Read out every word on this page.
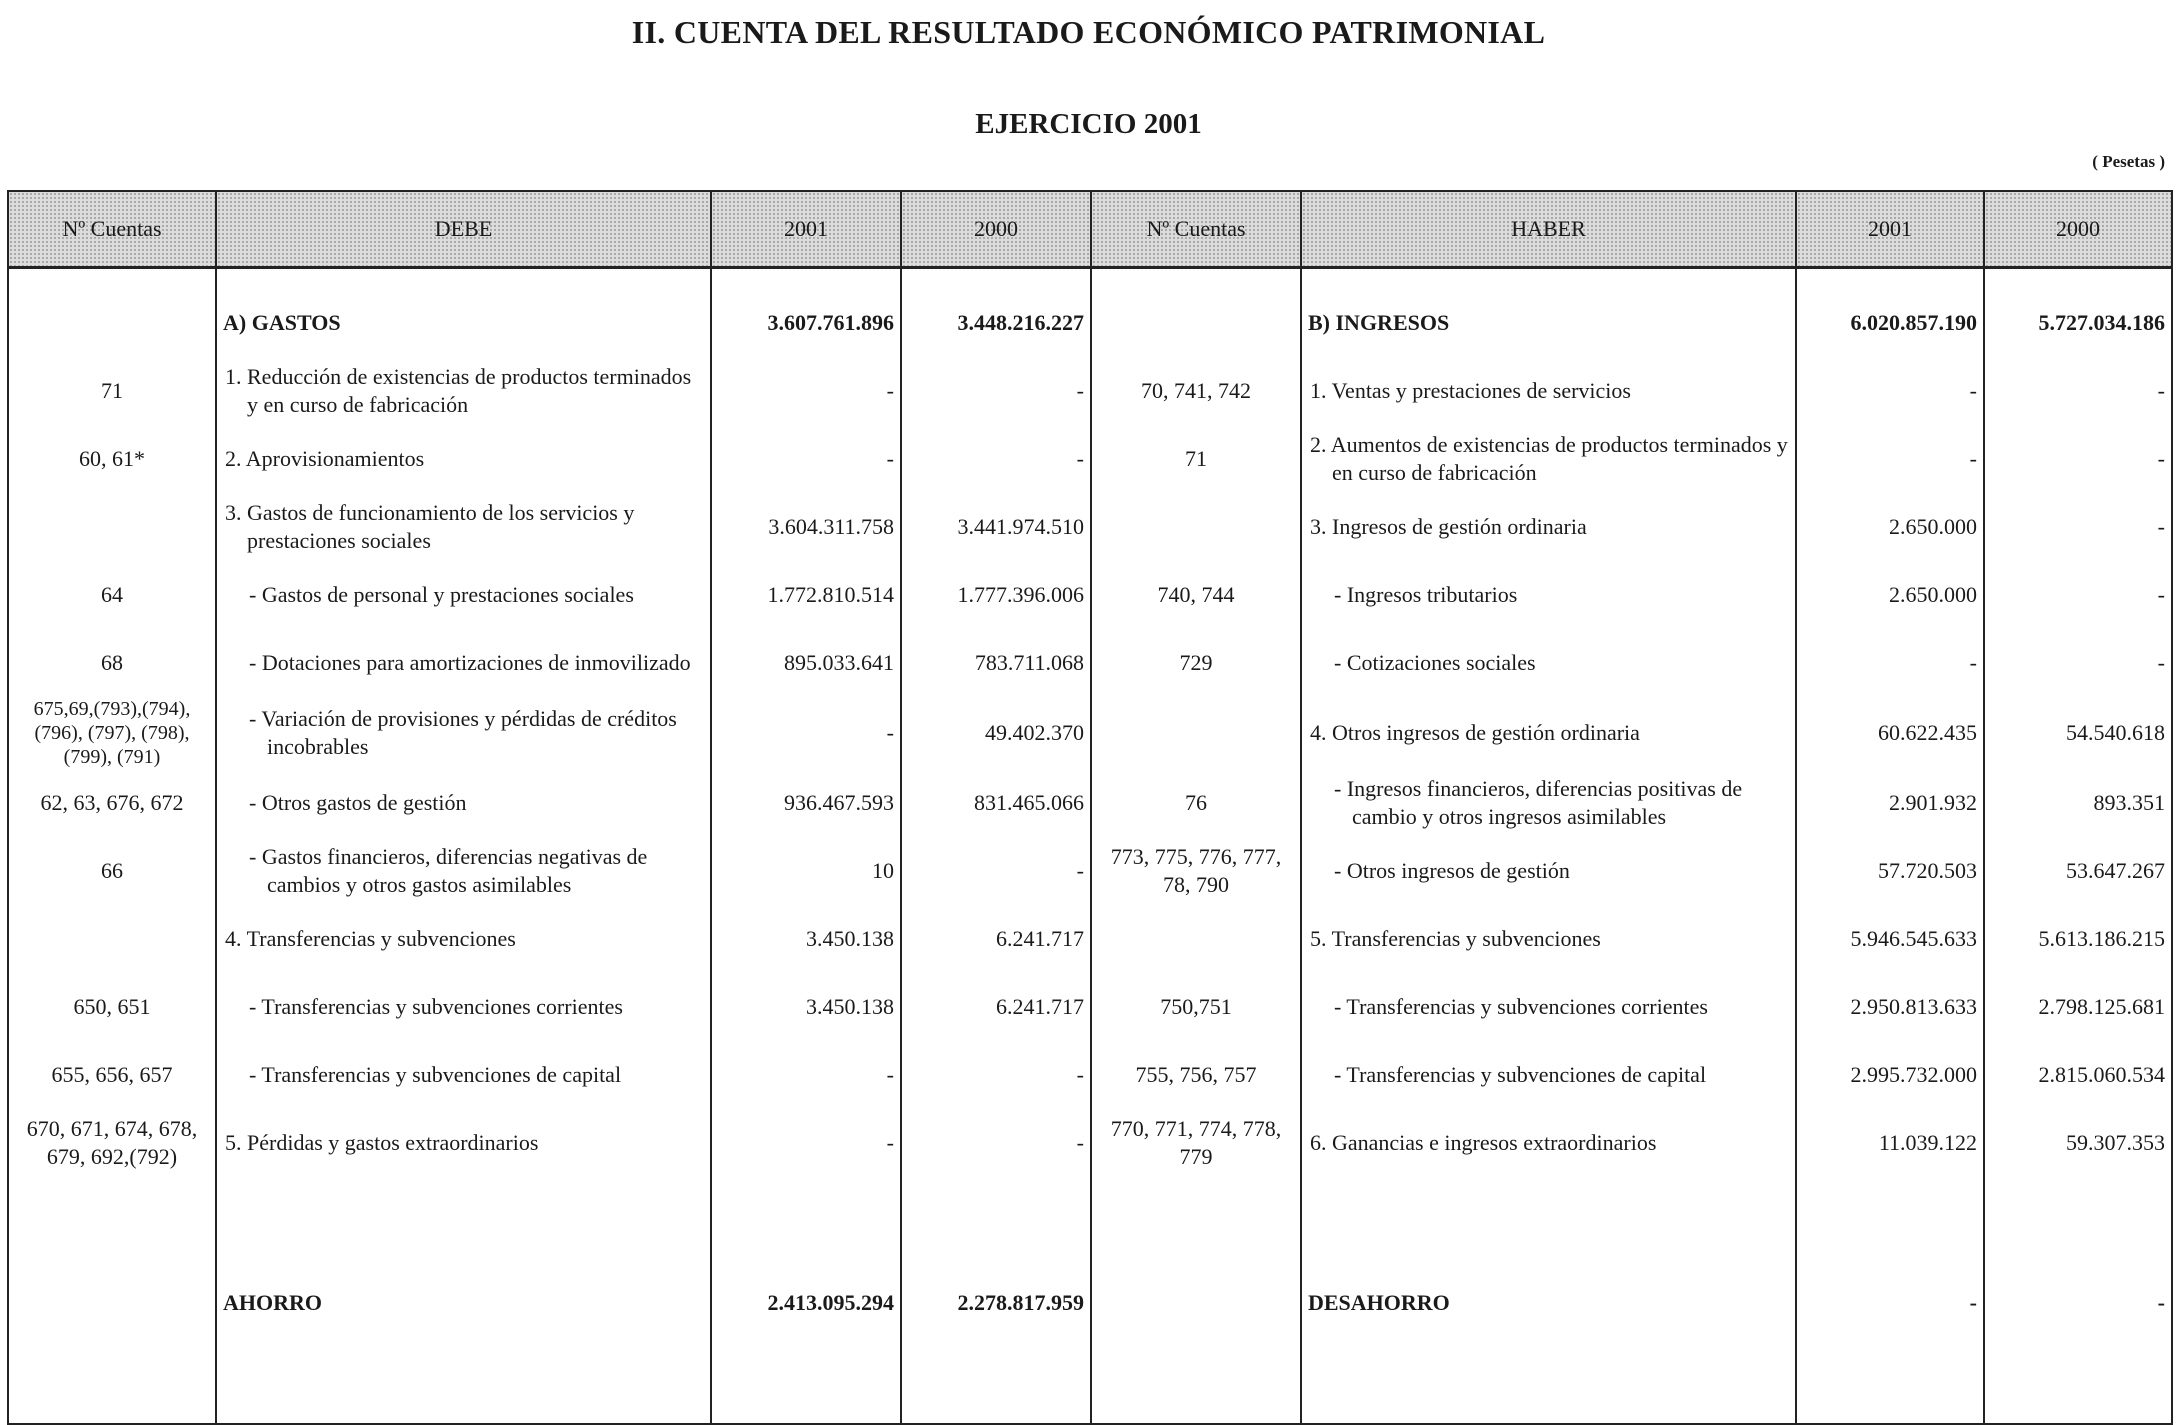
II. CUENTA DEL RESULTADO ECONÓMICO PATRIMONIAL
EJERCICIO 2001
( Pesetas )
Nº Cuentas	DEBE	2001	2000	Nº Cuentas	HABER	2001	2000

	A) GASTOS	3.607.761.896	3.448.216.227		B) INGRESOS	6.020.857.190	5.727.034.186
71	1. Reducción de existencias de productos terminados y en curso de fabricación	-	-	70, 741, 742	1. Ventas y prestaciones de servicios	-	-
60, 61*	2. Aprovisionamientos	-	-	71	2. Aumentos de existencias de productos terminados y en curso de fabricación	-	-
	3. Gastos de funcionamiento de los servicios y prestaciones sociales	3.604.311.758	3.441.974.510		3. Ingresos de gestión ordinaria	2.650.000	-
64	- Gastos de personal y prestaciones sociales	1.772.810.514	1.777.396.006	740, 744	- Ingresos tributarios	2.650.000	-
68	- Dotaciones para amortizaciones de inmovilizado	895.033.641	783.711.068	729	- Cotizaciones sociales	-	-
675,69,(793),(794), (796), (797), (798), (799), (791)	- Variación de provisiones y pérdidas de créditos incobrables	-	49.402.370		4. Otros ingresos de gestión ordinaria	60.622.435	54.540.618
62, 63, 676, 672	- Otros gastos de gestión	936.467.593	831.465.066	76	- Ingresos financieros, diferencias positivas de cambio y otros ingresos asimilables	2.901.932	893.351
66	- Gastos financieros, diferencias negativas de cambios y otros gastos asimilables	10	-	773, 775, 776, 777, 78, 790	- Otros ingresos de gestión	57.720.503	53.647.267
	4. Transferencias y subvenciones	3.450.138	6.241.717		5. Transferencias y subvenciones	5.946.545.633	5.613.186.215
650, 651	- Transferencias y subvenciones corrientes	3.450.138	6.241.717	750,751	- Transferencias y subvenciones corrientes	2.950.813.633	2.798.125.681
655, 656, 657	- Transferencias y subvenciones de capital	-	-	755, 756, 757	- Transferencias y subvenciones de capital	2.995.732.000	2.815.060.534
670, 671, 674, 678, 679, 692,(792)	5. Pérdidas y gastos extraordinarios	-	-	770, 771, 774, 778, 779	6. Ganancias e ingresos extraordinarios	11.039.122	59.307.353
	AHORRO	2.413.095.294	2.278.817.959		DESAHORRO	-	-
